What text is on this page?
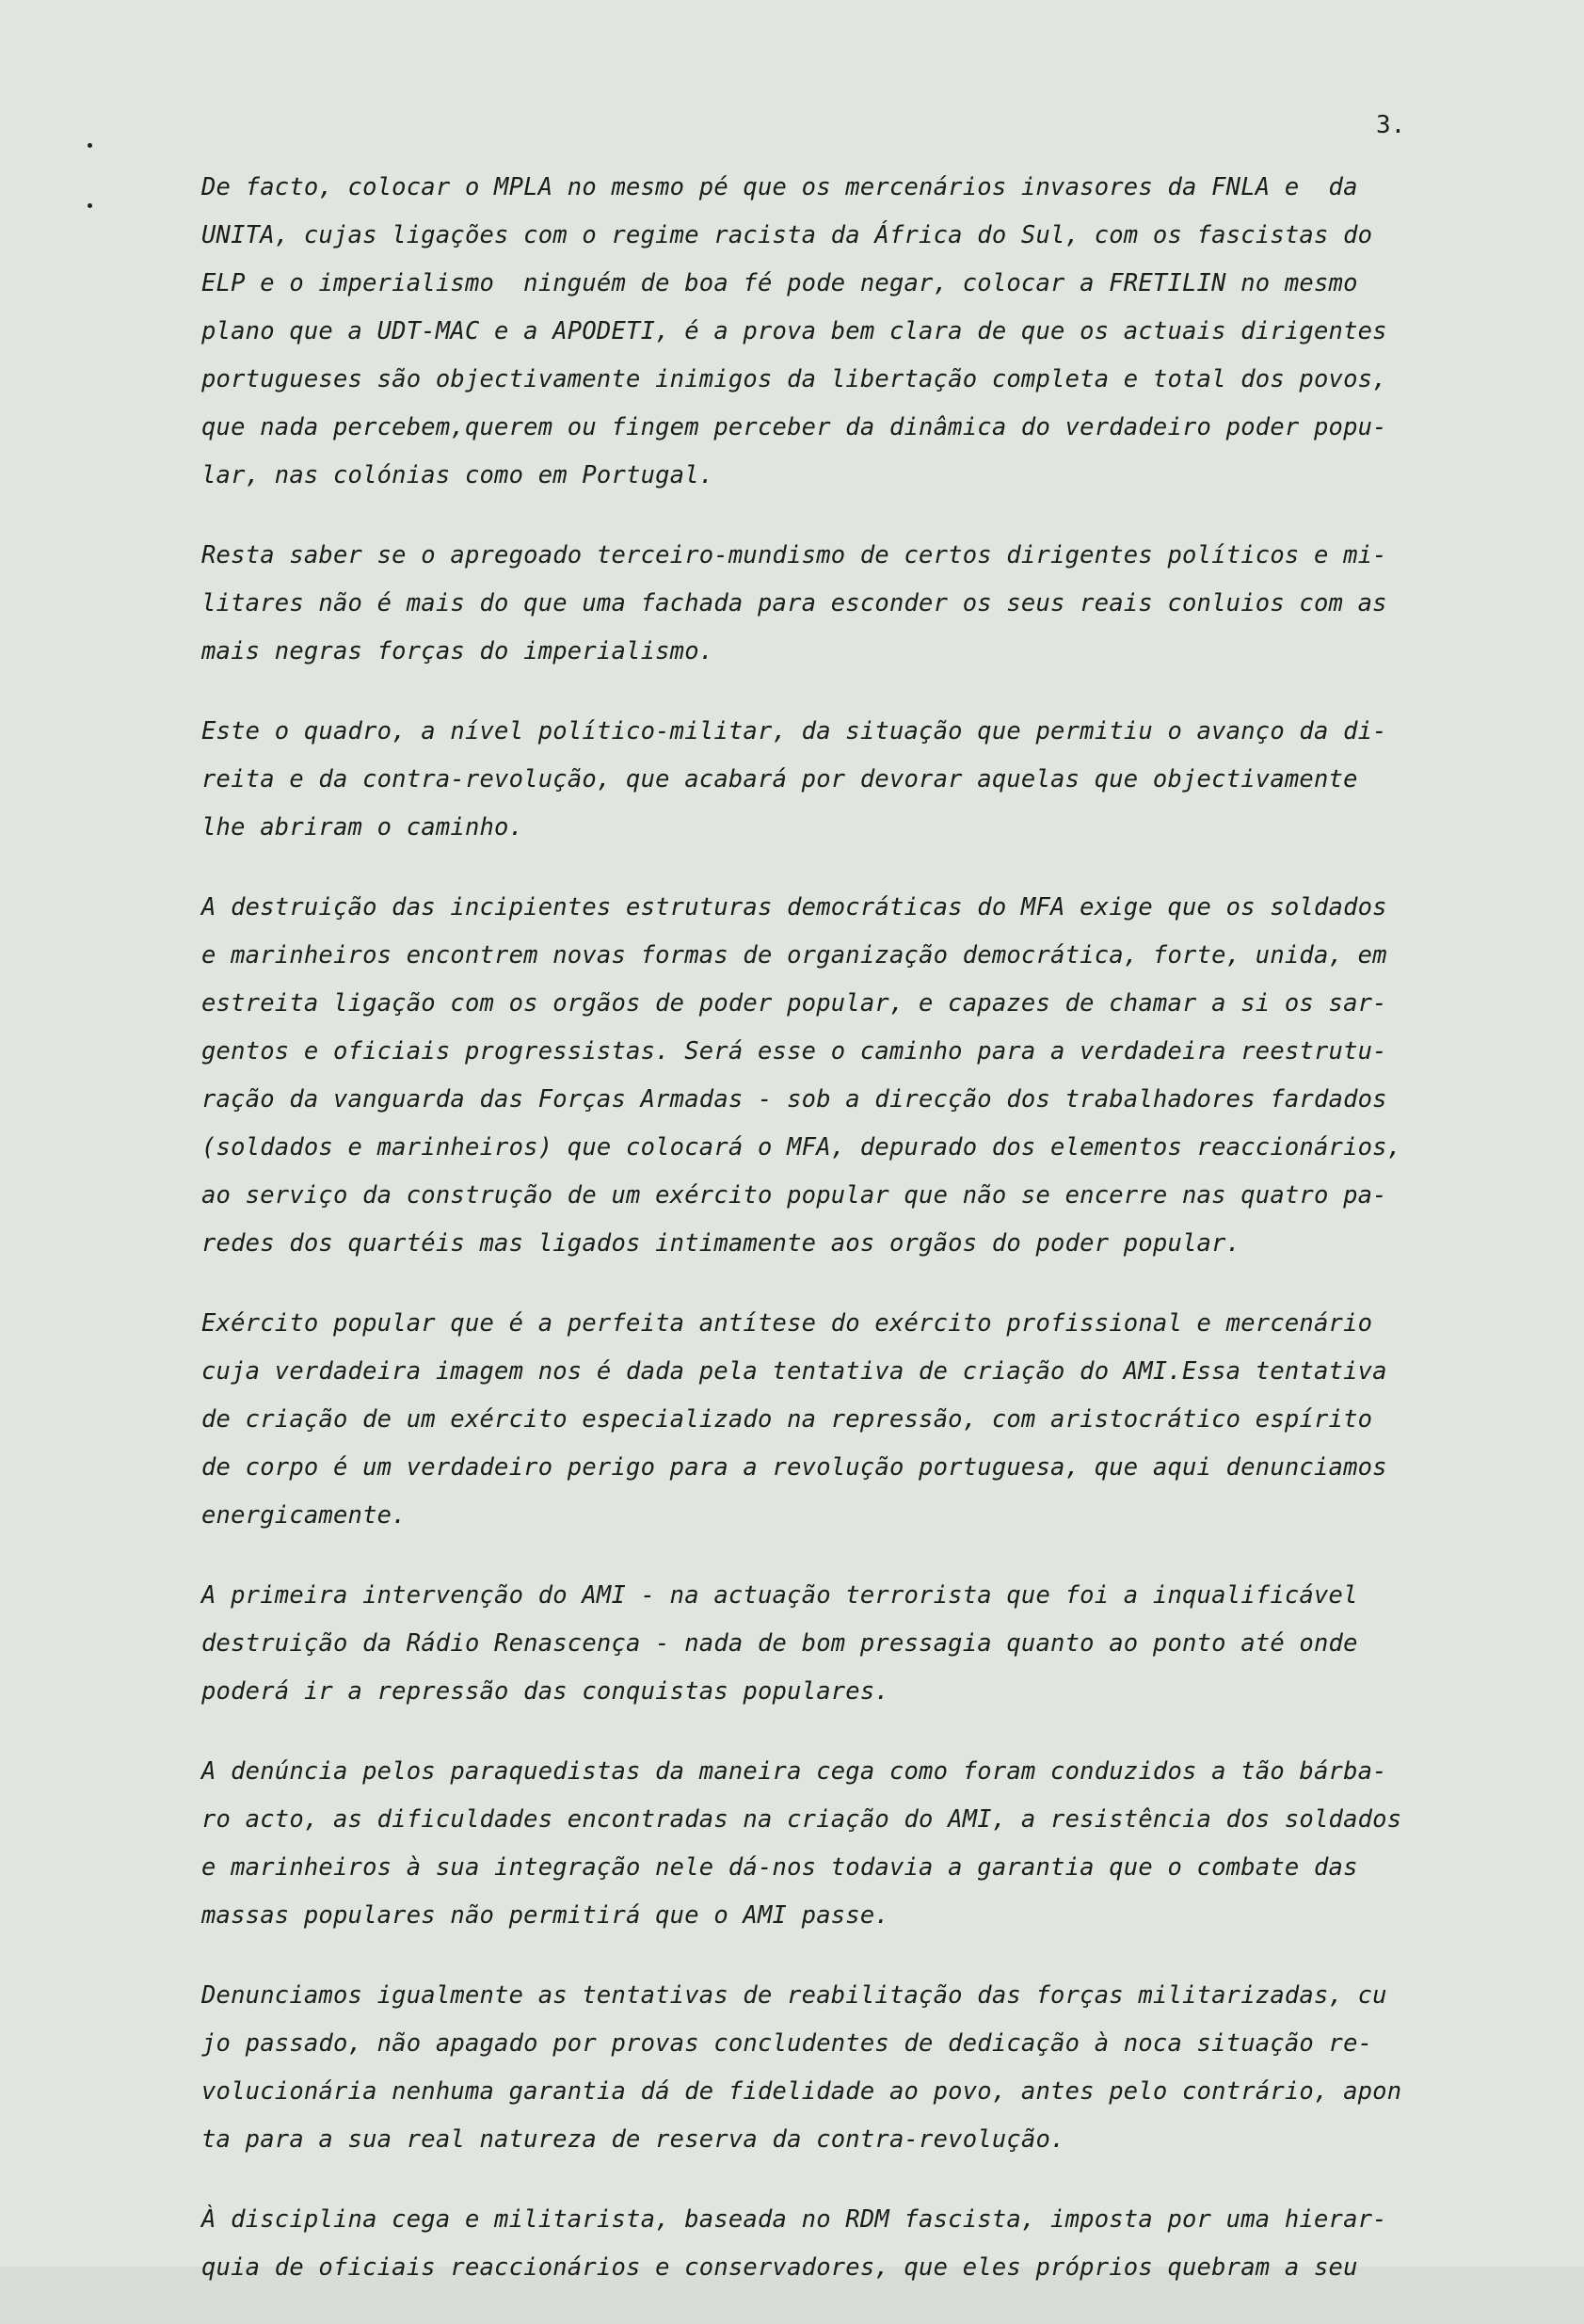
3.
De facto, colocar o MPLA no mesmo pé que os mercenários invasores da FNLA e  da
UNITA, cujas ligações com o regime racista da África do Sul, com os fascistas do
ELP e o imperialismo  ninguém de boa fé pode negar, colocar a FRETILIN no mesmo
plano que a UDT-MAC e a APODETI, é a prova bem clara de que os actuais dirigentes
portugueses são objectivamente inimigos da libertação completa e total dos povos,
que nada percebem,querem ou fingem perceber da dinâmica do verdadeiro poder popu-
lar, nas colónias como em Portugal.
Resta saber se o apregoado terceiro-mundismo de certos dirigentes políticos e mi-
litares não é mais do que uma fachada para esconder os seus reais conluios com as
mais negras forças do imperialismo.
Este o quadro, a nível político-militar, da situação que permitiu o avanço da di-
reita e da contra-revolução, que acabará por devorar aquelas que objectivamente
lhe abriram o caminho.
A destruição das incipientes estruturas democráticas do MFA exige que os soldados
e marinheiros encontrem novas formas de organização democrática, forte, unida, em
estreita ligação com os orgãos de poder popular, e capazes de chamar a si os sar-
gentos e oficiais progressistas. Será esse o caminho para a verdadeira reestrutu-
ração da vanguarda das Forças Armadas - sob a direcção dos trabalhadores fardados
(soldados e marinheiros) que colocará o MFA, depurado dos elementos reaccionários,
ao serviço da construção de um exército popular que não se encerre nas quatro pa-
redes dos quartéis mas ligados intimamente aos orgãos do poder popular.
Exército popular que é a perfeita antítese do exército profissional e mercenário
cuja verdadeira imagem nos é dada pela tentativa de criação do AMI.Essa tentativa
de criação de um exército especializado na repressão, com aristocrático espírito
de corpo é um verdadeiro perigo para a revolução portuguesa, que aqui denunciamos
energicamente.
A primeira intervenção do AMI - na actuação terrorista que foi a inqualificável
destruição da Rádio Renascença - nada de bom pressagia quanto ao ponto até onde
poderá ir a repressão das conquistas populares.
A denúncia pelos paraquedistas da maneira cega como foram conduzidos a tão bárba-
ro acto, as dificuldades encontradas na criação do AMI, a resistência dos soldados
e marinheiros à sua integração nele dá-nos todavia a garantia que o combate das
massas populares não permitirá que o AMI passe.
Denunciamos igualmente as tentativas de reabilitação das forças militarizadas, cu
jo passado, não apagado por provas concludentes de dedicação à noca situação re-
volucionária nenhuma garantia dá de fidelidade ao povo, antes pelo contrário, apon
ta para a sua real natureza de reserva da contra-revolução.
À disciplina cega e militarista, baseada no RDM fascista, imposta por uma hierar-
quia de oficiais reaccionários e conservadores, que eles próprios quebram a seu
